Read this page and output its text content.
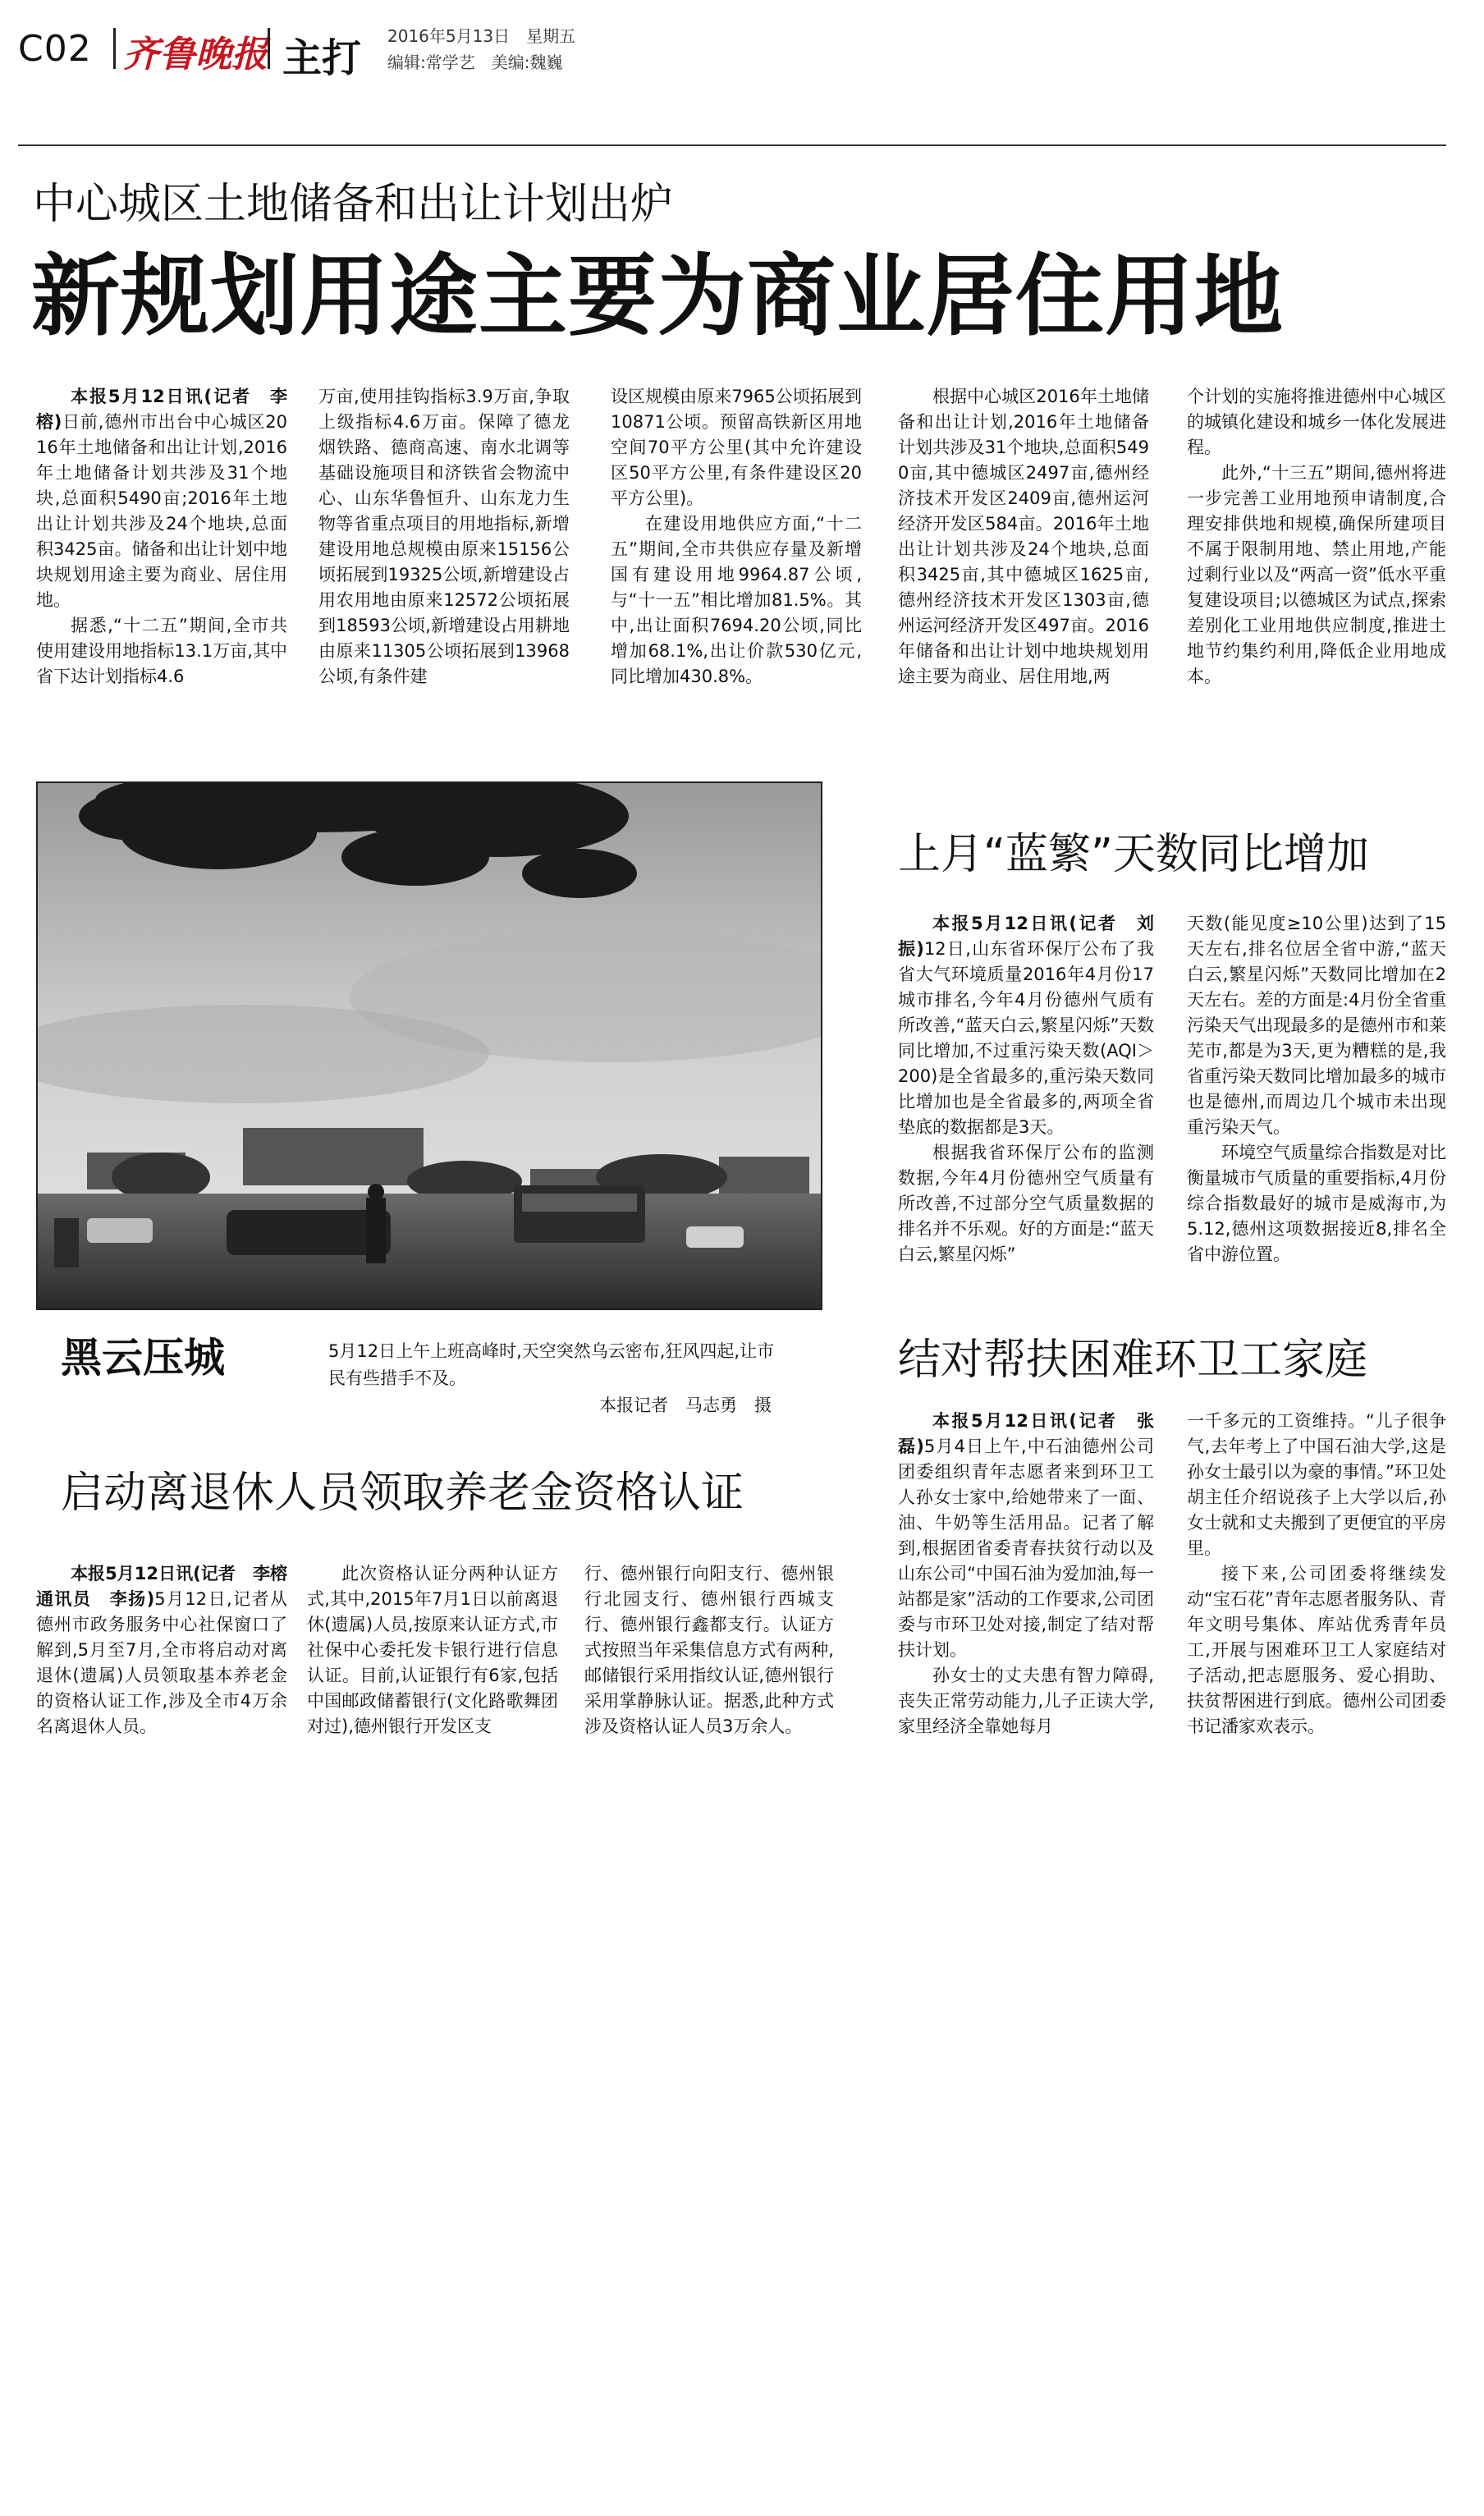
C02 齐鲁晚报 主打 2016年5月13日　星期五
编辑:常学艺　美编:魏巍
中心城区土地储备和出让计划出炉
新规划用途主要为商业居住用地

本报5月12日讯(记者　李榕)日前,德州市出台中心城区2016年土地储备和出让计划,2016年土地储备计划共涉及31个地块,总面积5490亩;2016年土地出让计划共涉及24个地块,总面积3425亩。储备和出让计划中地块规划用途主要为商业、居住用地。

据悉,“十二五”期间,全市共使用建设用地指标13.1万亩,其中省下达计划指标4.6

万亩,使用挂钩指标3.9万亩,争取上级指标4.6万亩。保障了德龙烟铁路、德商高速、南水北调等基础设施项目和济铁省会物流中心、山东华鲁恒升、山东龙力生物等省重点项目的用地指标,新增建设用地总规模由原来15156公顷拓展到19325公顷,新增建设占用农用地由原来12572公顷拓展到18593公顷,新增建设占用耕地由原来11305公顷拓展到13968公顷,有条件建

设区规模由原来7965公顷拓展到10871公顷。预留高铁新区用地空间70平方公里(其中允许建设区50平方公里,有条件建设区20平方公里)。

在建设用地供应方面,“十二五”期间,全市共供应存量及新增国有建设用地9964.87公顷,与“十一五”相比增加81.5%。其中,出让面积7694.20公顷,同比增加68.1%,出让价款530亿元,同比增加430.8%。

根据中心城区2016年土地储备和出让计划,2016年土地储备计划共涉及31个地块,总面积5490亩,其中德城区2497亩,德州经济技术开发区2409亩,德州运河经济开发区584亩。2016年土地出让计划共涉及24个地块,总面积3425亩,其中德城区1625亩,德州经济技术开发区1303亩,德州运河经济开发区497亩。2016年储备和出让计划中地块规划用途主要为商业、居住用地,两

个计划的实施将推进德州中心城区的城镇化建设和城乡一体化发展进程。

此外,“十三五”期间,德州将进一步完善工业用地预申请制度,合理安排供地和规模,确保所建项目不属于限制用地、禁止用地,产能过剩行业以及“两高一资”低水平重复建设项目;以德城区为试点,探索差别化工业用地供应制度,推进土地节约集约利用,降低企业用地成本。

黑云压城	5月12日上午上班高峰时,天空突然乌云密布,狂风四起,让市民有些措手不及。
本报记者　马志勇　摄
上月“蓝繁”天数同比增加

本报5月12日讯(记者　刘振)12日,山东省环保厅公布了我省大气环境质量2016年4月份17城市排名,今年4月份德州气质有所改善,“蓝天白云,繁星闪烁”天数同比增加,不过重污染天数(AQI＞200)是全省最多的,重污染天数同比增加也是全省最多的,两项全省垫底的数据都是3天。

根据我省环保厅公布的监测数据,今年4月份德州空气质量有所改善,不过部分空气质量数据的排名并不乐观。好的方面是:“蓝天白云,繁星闪烁”

天数(能见度≥10公里)达到了15天左右,排名位居全省中游,“蓝天白云,繁星闪烁”天数同比增加在2天左右。差的方面是:4月份全省重污染天气出现最多的是德州市和莱芜市,都是为3天,更为糟糕的是,我省重污染天数同比增加最多的城市也是德州,而周边几个城市未出现重污染天气。

环境空气质量综合指数是对比衡量城市气质量的重要指标,4月份综合指数最好的城市是威海市,为5.12,德州这项数据接近8,排名全省中游位置。

结对帮扶困难环卫工家庭

本报5月12日讯(记者　张磊)5月4日上午,中石油德州公司团委组织青年志愿者来到环卫工人孙女士家中,给她带来了一面、油、牛奶等生活用品。记者了解到,根据团省委青春扶贫行动以及山东公司“中国石油为爱加油,每一站都是家”活动的工作要求,公司团委与市环卫处对接,制定了结对帮扶计划。

孙女士的丈夫患有智力障碍,丧失正常劳动能力,儿子正读大学,家里经济全靠她每月

一千多元的工资维持。“儿子很争气,去年考上了中国石油大学,这是孙女士最引以为豪的事情。”环卫处胡主任介绍说孩子上大学以后,孙女士就和丈夫搬到了更便宜的平房里。

接下来,公司团委将继续发动“宝石花”青年志愿者服务队、青年文明号集体、库站优秀青年员工,开展与困难环卫工人家庭结对子活动,把志愿服务、爱心捐助、扶贫帮困进行到底。德州公司团委书记潘家欢表示。

启动离退休人员领取养老金资格认证

本报5月12日讯(记者　李榕　通讯员　李扬)5月12日,记者从德州市政务服务中心社保窗口了解到,5月至7月,全市将启动对离退休(遗属)人员领取基本养老金的资格认证工作,涉及全市4万余名离退休人员。

此次资格认证分两种认证方式,其中,2015年7月1日以前离退休(遗属)人员,按原来认证方式,市社保中心委托发卡银行进行信息认证。目前,认证银行有6家,包括中国邮政储蓄银行(文化路歌舞团对过),德州银行开发区支

行、德州银行向阳支行、德州银行北园支行、德州银行西城支行、德州银行鑫都支行。认证方式按照当年采集信息方式有两种,邮储银行采用指纹认证,德州银行采用掌静脉认证。据悉,此种方式涉及资格认证人员3万余人。
